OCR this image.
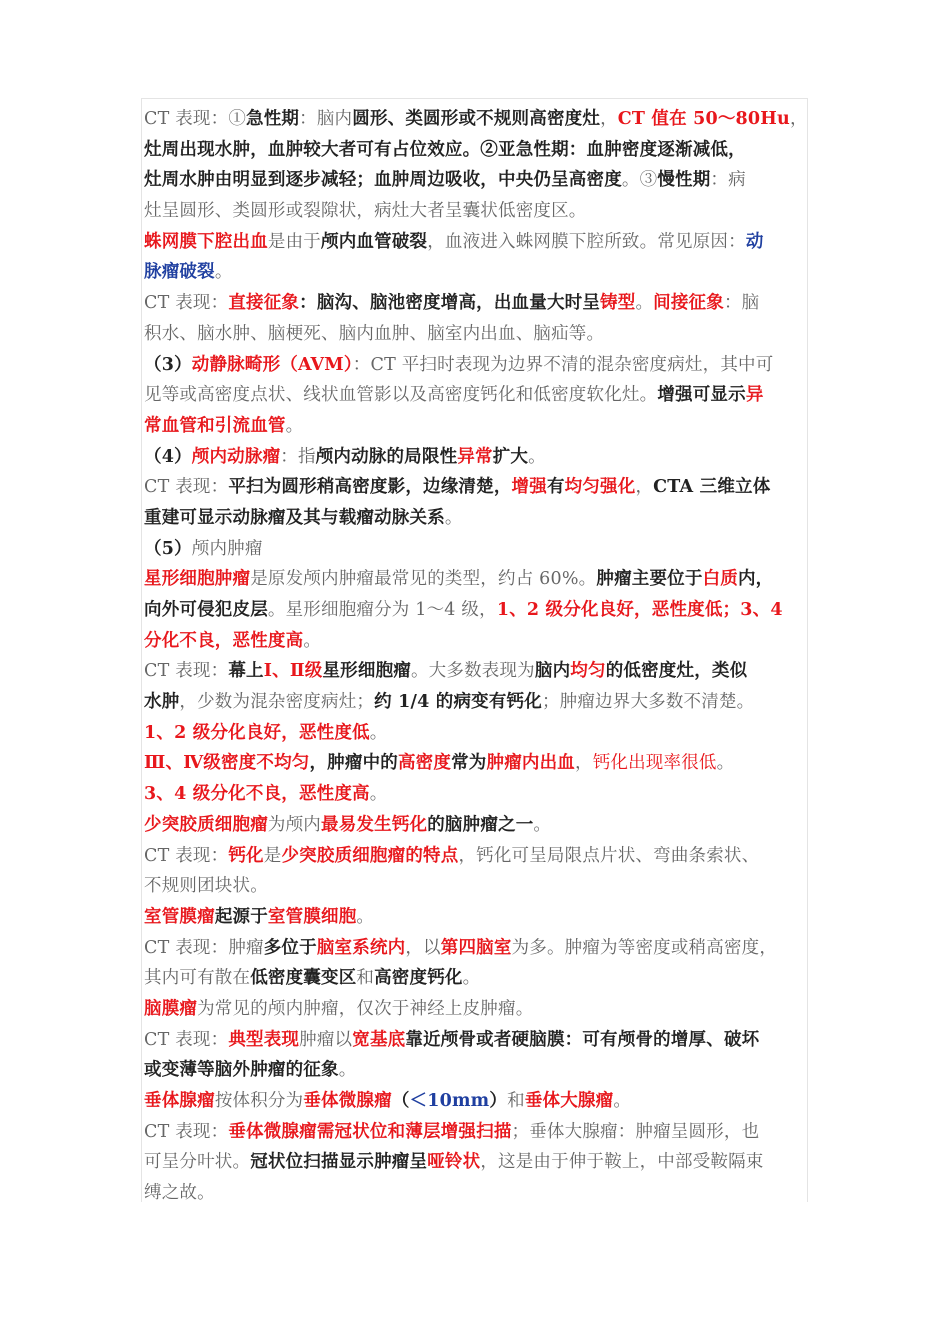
CT 表现：①急性期：脑内圆形、类圆形或不规则高密度灶，CT 值在 50～80Hu，
灶周出现水肿，血肿较大者可有占位效应。②亚急性期：血肿密度逐渐减低，
灶周水肿由明显到逐步减轻；血肿周边吸收，中央仍呈高密度。③慢性期：病
灶呈圆形、类圆形或裂隙状，病灶大者呈囊状低密度区。
蛛网膜下腔出血是由于颅内血管破裂，血液进入蛛网膜下腔所致。常见原因：动
脉瘤破裂。
CT 表现：直接征象：脑沟、脑池密度增高，出血量大时呈铸型。间接征象：脑
积水、脑水肿、脑梗死、脑内血肿、脑室内出血、脑疝等。
（3）动静脉畸形（AVM）：CT 平扫时表现为边界不清的混杂密度病灶，其中可
见等或高密度点状、线状血管影以及高密度钙化和低密度软化灶。增强可显示异
常血管和引流血管。
（4）颅内动脉瘤：指颅内动脉的局限性异常扩大。
CT 表现：平扫为圆形稍高密度影，边缘清楚，增强有均匀强化，CTA 三维立体
重建可显示动脉瘤及其与载瘤动脉关系。
（5）颅内肿瘤
星形细胞肿瘤是原发颅内肿瘤最常见的类型，约占 60%。肿瘤主要位于白质内，
向外可侵犯皮层。星形细胞瘤分为 1～4 级，1、2 级分化良好，恶性度低；3、4
分化不良，恶性度高。
CT 表现：幕上Ⅰ、Ⅱ级星形细胞瘤。大多数表现为脑内均匀的低密度灶，类似
水肿，少数为混杂密度病灶；约 1/4 的病变有钙化；肿瘤边界大多数不清楚。
1、2 级分化良好，恶性度低。
Ⅲ、Ⅳ级密度不均匀，肿瘤中的高密度常为肿瘤内出血，钙化出现率很低。
3、4 级分化不良，恶性度高。
少突胶质细胞瘤为颅内最易发生钙化的脑肿瘤之一。
CT 表现：钙化是少突胶质细胞瘤的特点，钙化可呈局限点片状、弯曲条索状、
不规则团块状。
室管膜瘤起源于室管膜细胞。
CT 表现：肿瘤多位于脑室系统内，以第四脑室为多。肿瘤为等密度或稍高密度，
其内可有散在低密度囊变区和高密度钙化。
脑膜瘤为常见的颅内肿瘤，仅次于神经上皮肿瘤。
CT 表现：典型表现肿瘤以宽基底靠近颅骨或者硬脑膜：可有颅骨的增厚、破坏
或变薄等脑外肿瘤的征象。
垂体腺瘤按体积分为垂体微腺瘤（＜10mm）和垂体大腺瘤。
CT 表现：垂体微腺瘤需冠状位和薄层增强扫描；垂体大腺瘤：肿瘤呈圆形，也
可呈分叶状。冠状位扫描显示肿瘤呈哑铃状，这是由于伸于鞍上，中部受鞍隔束
缚之故。
